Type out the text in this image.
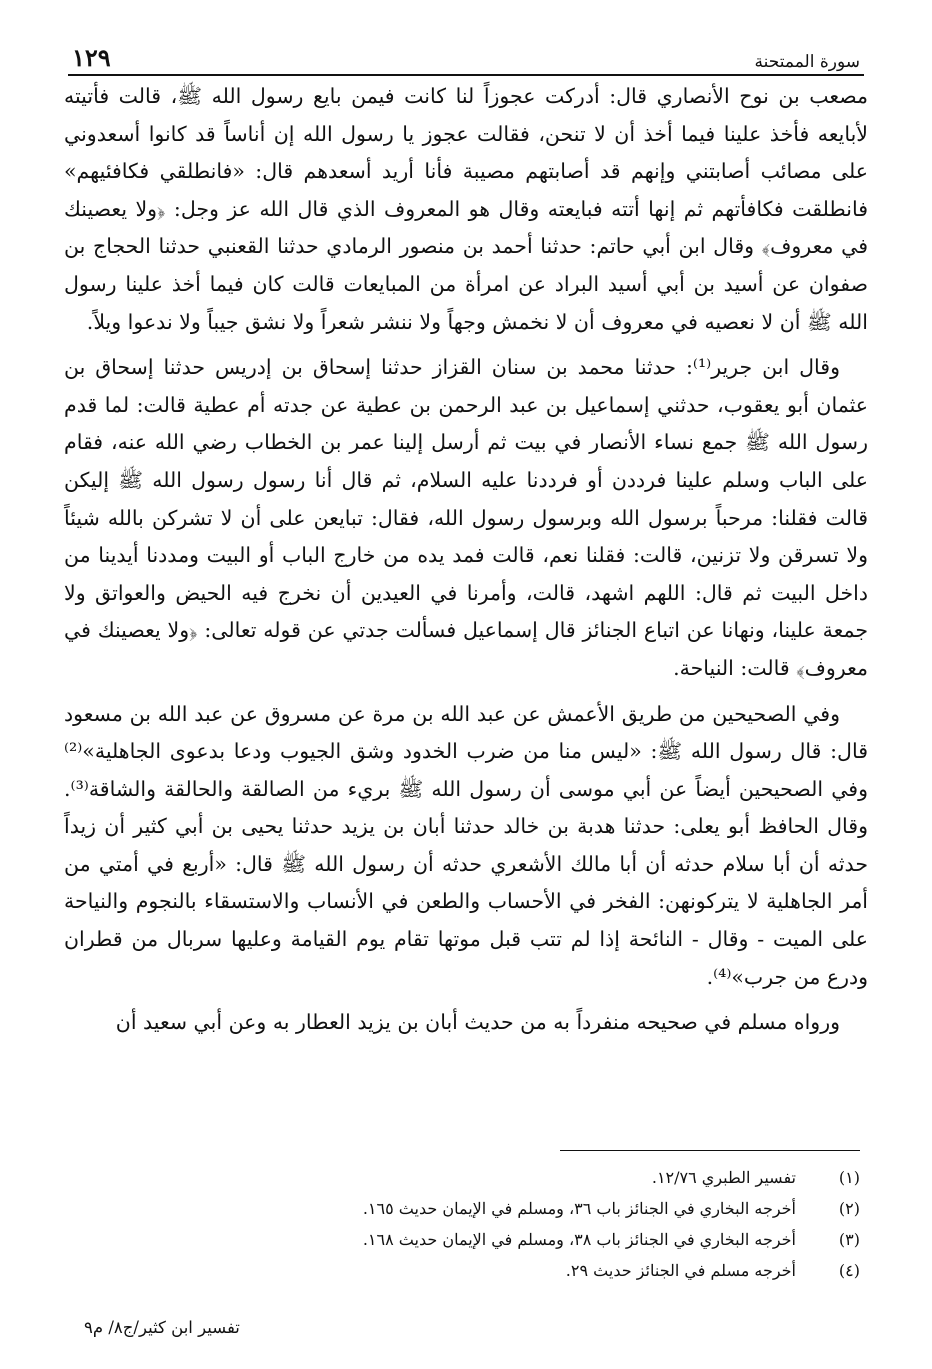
سورة الممتحنة
١٢٩

مصعب بن نوح الأنصاري قال: أدركت عجوزاً لنا كانت فيمن بايع رسول الله ﷺ، قالت فأتيته لأبايعه فأخذ علينا فيما أخذ أن لا تنحن، فقالت عجوز يا رسول الله إن أناساً قد كانوا أسعدوني على مصائب أصابتني وإنهم قد أصابتهم مصيبة فأنا أريد أسعدهم قال: «فانطلقي فكافئيهم» فانطلقت فكافأتهم ثم إنها أتته فبايعته وقال هو المعروف الذي قال الله عز وجل: ﴿ولا يعصينك في معروف﴾ وقال ابن أبي حاتم: حدثنا أحمد بن منصور الرمادي حدثنا القعنبي حدثنا الحجاج بن صفوان عن أسيد بن أبي أسيد البراد عن امرأة من المبايعات قالت كان فيما أخذ علينا رسول الله ﷺ أن لا نعصيه في معروف أن لا نخمش وجهاً ولا ننشر شعراً ولا نشق جيباً ولا ندعوا ويلاً.

وقال ابن جرير⁽¹⁾: حدثنا محمد بن سنان القزاز حدثنا إسحاق بن إدريس حدثنا إسحاق بن عثمان أبو يعقوب، حدثني إسماعيل بن عبد الرحمن بن عطية عن جدته أم عطية قالت: لما قدم رسول الله ﷺ جمع نساء الأنصار في بيت ثم أرسل إلينا عمر بن الخطاب رضي الله عنه، فقام على الباب وسلم علينا فرددن أو فرددنا عليه السلام، ثم قال أنا رسول رسول الله ﷺ إليكن قالت فقلنا: مرحباً برسول الله وبرسول رسول الله، فقال: تبايعن على أن لا تشركن بالله شيئاً ولا تسرقن ولا تزنين، قالت: فقلنا نعم، قالت فمد يده من خارج الباب أو البيت ومددنا أيدينا من داخل البيت ثم قال: اللهم اشهد، قالت، وأمرنا في العيدين أن نخرج فيه الحيض والعواتق ولا جمعة علينا، ونهانا عن اتباع الجنائز قال إسماعيل فسألت جدتي عن قوله تعالى: ﴿ولا يعصينك في معروف﴾ قالت: النياحة.

وفي الصحيحين من طريق الأعمش عن عبد الله بن مرة عن مسروق عن عبد الله بن مسعود قال: قال رسول الله ﷺ: «ليس منا من ضرب الخدود وشق الجيوب ودعا بدعوى الجاهلية»⁽²⁾ وفي الصحيحين أيضاً عن أبي موسى أن رسول الله ﷺ بريء من الصالقة والحالقة والشاقة⁽³⁾. وقال الحافظ أبو يعلى: حدثنا هدبة بن خالد حدثنا أبان بن يزيد حدثنا يحيى بن أبي كثير أن زيداً حدثه أن أبا سلام حدثه أن أبا مالك الأشعري حدثه أن رسول الله ﷺ قال: «أربع في أمتي من أمر الجاهلية لا يتركونهن: الفخر في الأحساب والطعن في الأنساب والاستسقاء بالنجوم والنياحة على الميت - وقال - النائحة إذا لم تتب قبل موتها تقام يوم القيامة وعليها سربال من قطران ودرع من جرب»⁽⁴⁾.

ورواه مسلم في صحيحه منفرداً به من حديث أبان بن يزيد العطار به وعن أبي سعيد أن

(١)
تفسير الطبري ١٢/٧٦.
(٢)
أخرجه البخاري في الجنائز باب ٣٦، ومسلم في الإيمان حديث ١٦٥.
(٣)
أخرجه البخاري في الجنائز باب ٣٨، ومسلم في الإيمان حديث ١٦٨.
(٤)
أخرجه مسلم في الجنائز حديث ٢٩.
تفسير ابن كثير/ج٨/ م٩
